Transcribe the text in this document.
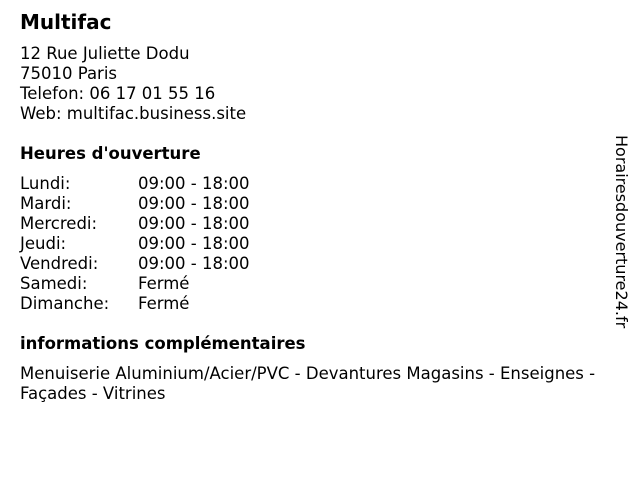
Multifac
12 Rue Juliette Dodu
75010 Paris
Telefon: 06 17 01 55 16
Web: multifac.business.site
Heures d'ouverture
Lundi:	09:00 - 18:00
Mardi:	09:00 - 18:00
Mercredi: 09:00 - 18:00
Jeudi:	09:00 - 18:00
Vendredi: 09:00 - 18:00
Samedi:	Fermé
Dimanche: Fermé
informations complémentaires
Menuiserie Aluminium/Acier/PVC - Devantures Magasins - Enseignes - Façades - Vitrines
Horairesdouverture24.fr
